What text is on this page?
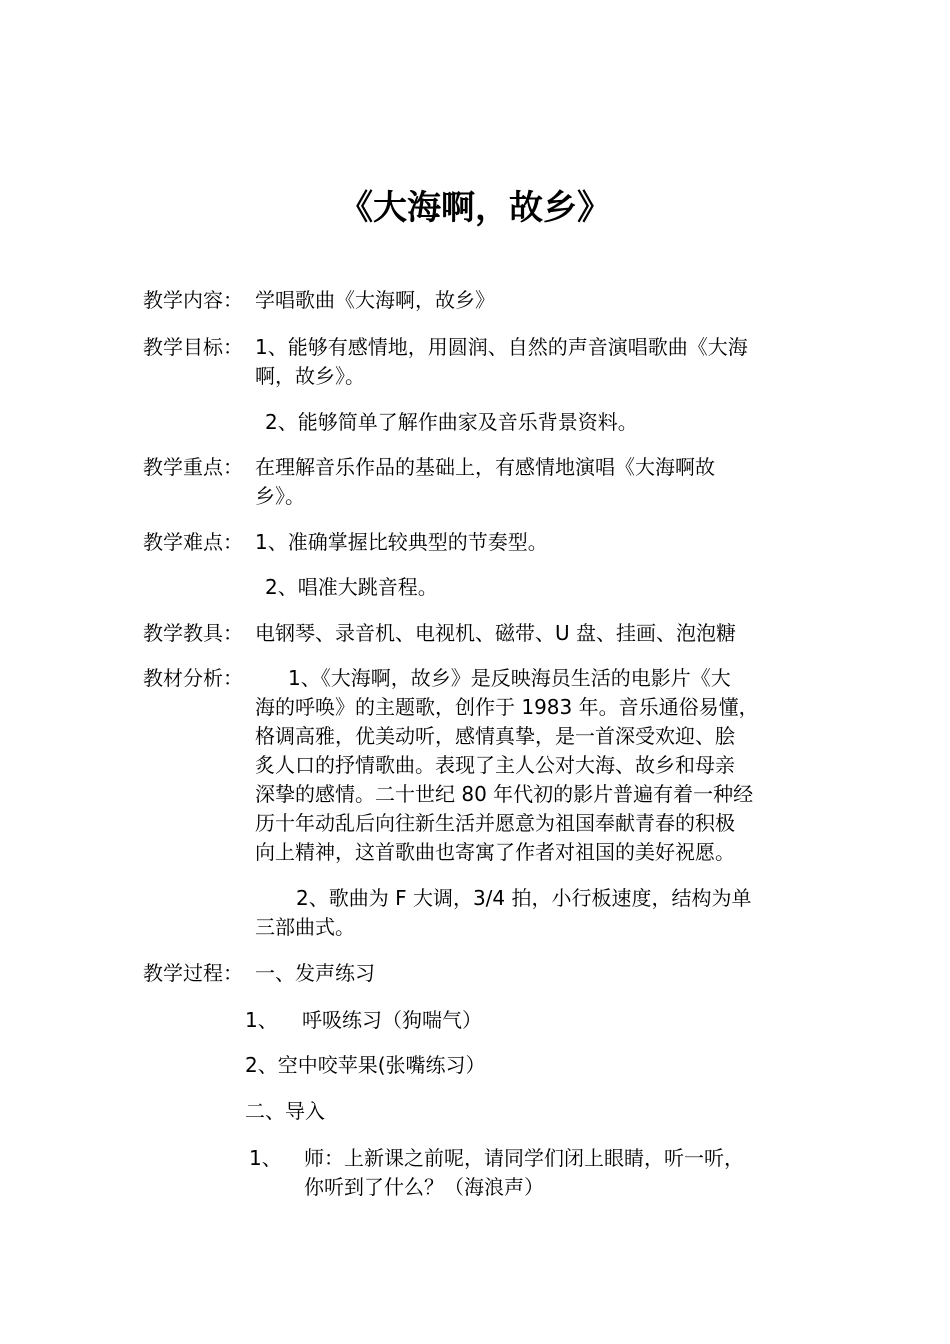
《大海啊，故乡》
教学内容： 学唱歌曲《大海啊，故乡》
教学目标： 1、能够有感情地，用圆润、自然的声音演唱歌曲《大海
啊，故乡》。
2、能够简单了解作曲家及音乐背景资料。
教学重点： 在理解音乐作品的基础上，有感情地演唱《大海啊故
乡》。
教学难点： 1、准确掌握比较典型的节奏型。
2、唱准大跳音程。
教学教具： 电钢琴、录音机、电视机、磁带、U 盘、挂画、泡泡糖
教材分析： 1、《大海啊，故乡》是反映海员生活的电影片《大
海的呼唤》的主题歌，创作于 1983 年。音乐通俗易懂，
格调高雅，优美动听，感情真挚，是一首深受欢迎、脍
炙人口的抒情歌曲。表现了主人公对大海、故乡和母亲
深挚的感情。二十世纪 80 年代初的影片普遍有着一种经
历十年动乱后向往新生活并愿意为祖国奉献青春的积极
向上精神，这首歌曲也寄寓了作者对祖国的美好祝愿。
2、歌曲为 F 大调，3/4 拍，小行板速度，结构为单
三部曲式。
教学过程： 一、发声练习
1、 呼吸练习（狗喘气）
2、空中咬苹果(张嘴练习）
二、导入
1、 师：上新课之前呢，请同学们闭上眼睛，听一听，
你听到了什么？（海浪声）
